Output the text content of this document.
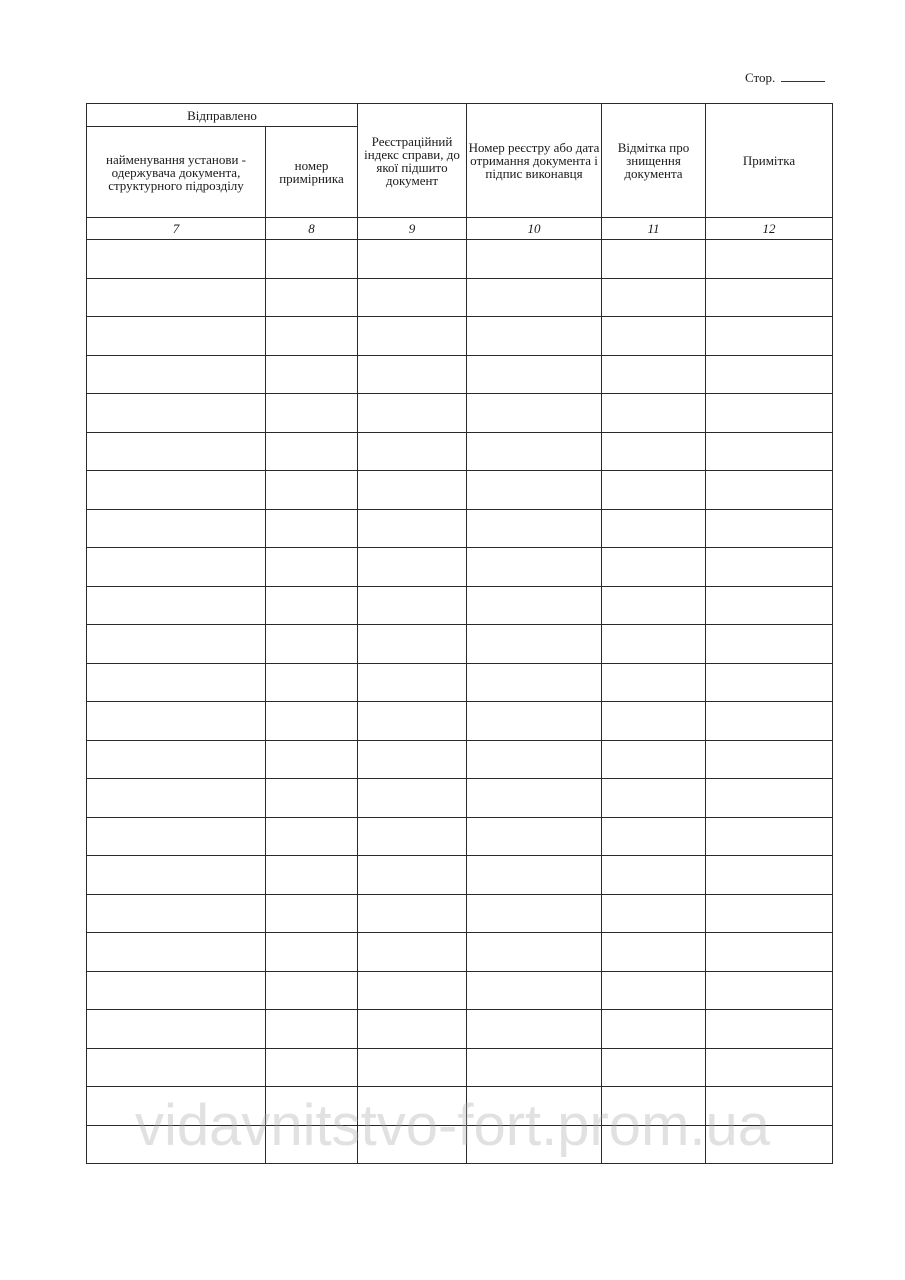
Стор.
Відправлено		Реєстраційний індекс справи, до якої підшито документ	Номер реєстру або дата отримання документа і підпис виконавця	Відмітка про знищення документа	Примітка
найменування установи - одержувача документа, структурного підрозділу	номер примірника				
7	8	9	10	11	12

vidavnitstvo-fort.prom.ua
